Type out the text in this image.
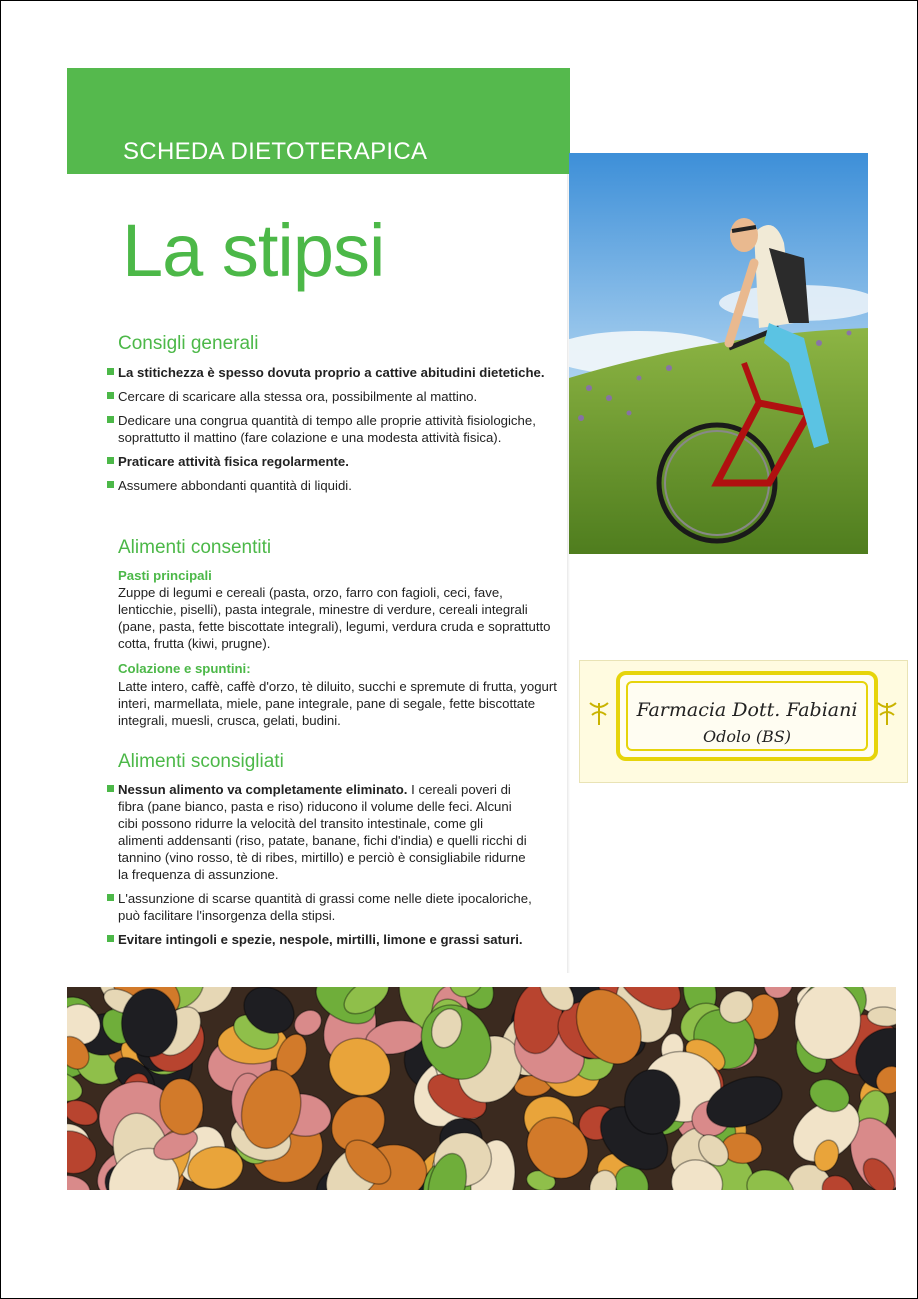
SCHEDA DIETOTERAPICA
La stipsi
Consigli generali
La stitichezza è spesso dovuta proprio a cattive abitudini dietetiche.
Cercare di scaricare alla stessa ora, possibilmente al mattino.
Dedicare una congrua quantità di tempo alle proprie attività fisiologiche, soprattutto il mattino (fare colazione e una modesta attività fisica).
Praticare attività fisica regolarmente.
Assumere abbondanti quantità di liquidi.
Alimenti consentiti
Pasti principali
Zuppe di legumi e cereali (pasta, orzo, farro con fagioli, ceci, fave, lenticchie, piselli), pasta integrale, minestre di verdure, cereali integrali (pane, pasta, fette biscottate integrali), legumi, verdura cruda e soprattutto cotta, frutta (kiwi, prugne).
Colazione e spuntini:
Latte intero, caffè, caffè d'orzo, tè diluito, succhi e spremute di frutta, yogurt interi, marmellata, miele, pane integrale, pane di segale, fette biscottate integrali, muesli, crusca, gelati, budini.
Alimenti sconsigliati
Nessun alimento va completamente eliminato. I cereali poveri di fibra (pane bianco, pasta e riso) riducono il volume delle feci. Alcuni cibi possono ridurre la velocità del transito intestinale, come gli alimenti addensanti (riso, patate, banane, fichi d'india) e quelli ricchi di tannino (vino rosso, tè di ribes, mirtillo) e perciò è consigliabile ridurne la frequenza di assunzione.
L'assunzione di scarse quantità di grassi come nelle diete ipocaloriche, può facilitare l'insorgenza della stipsi.
Evitare intingoli e spezie, nespole, mirtilli, limone e grassi saturi.
Farmacia Dott. Fabiani
Odolo (BS)
